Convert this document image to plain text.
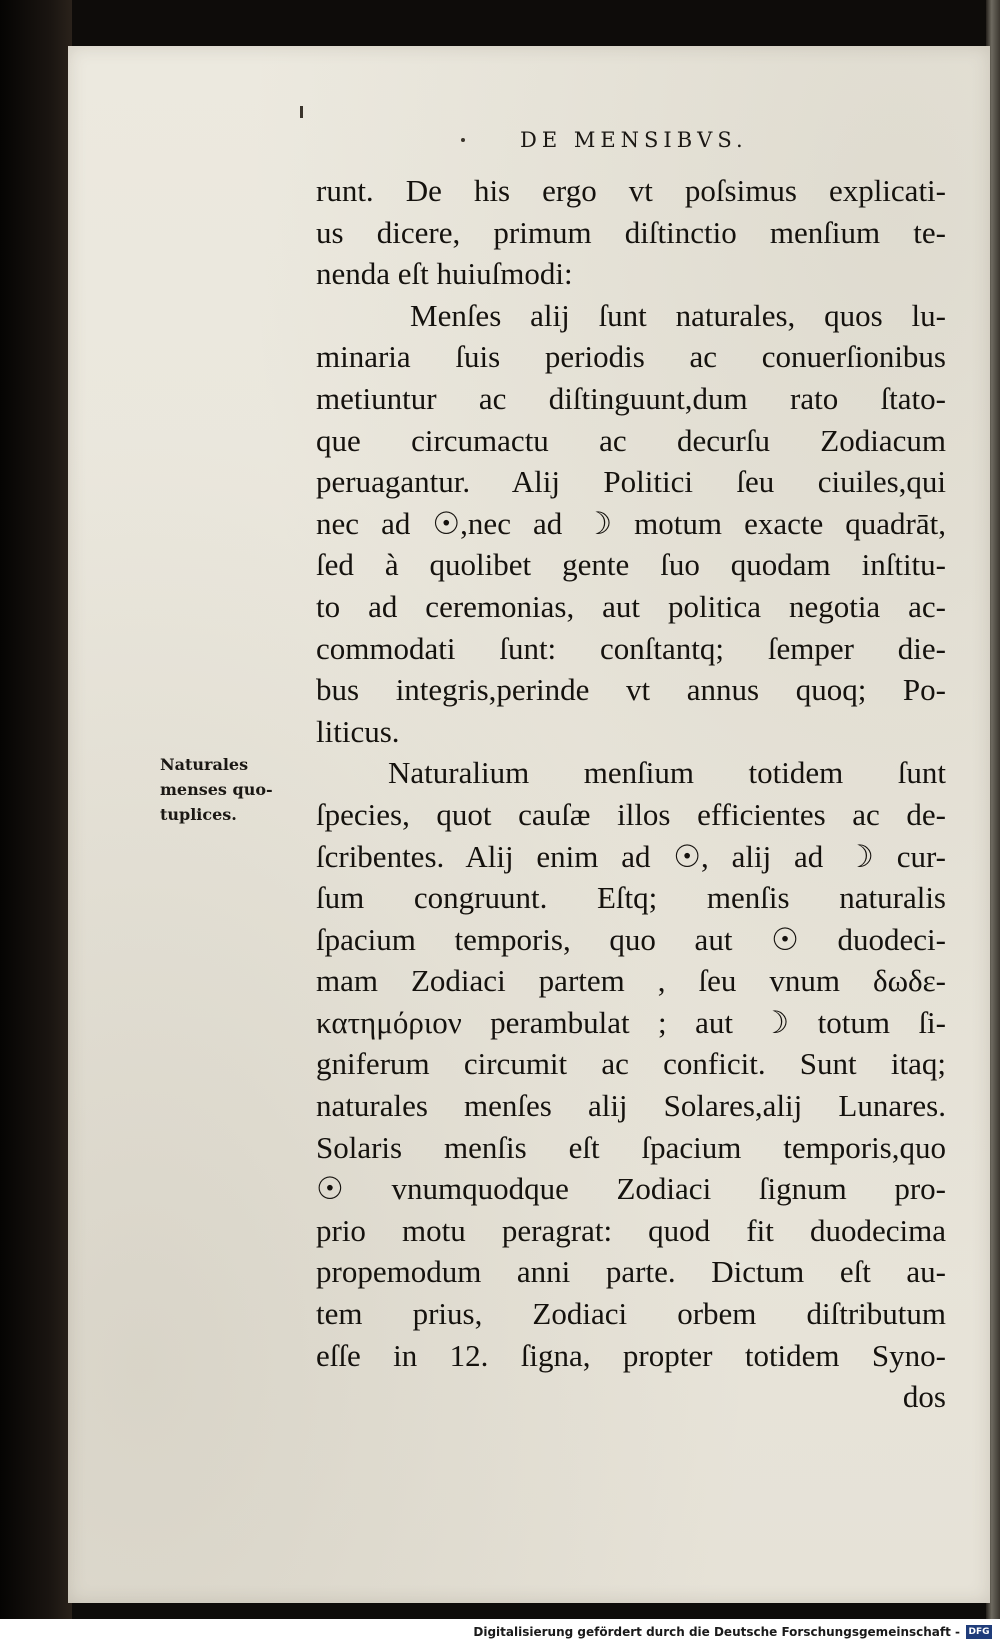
DE MENSIBVS.
Naturales
menses quo-
tuplices.
runt. De his ergo vt poſsimus explicati-
us dicere, primum diſtinctio menſium te-
nenda eſt huiuſmodi:
Menſes alij ſunt naturales, quos lu-
minaria ſuis periodis ac conuerſionibus
metiuntur ac diſtinguunt,dum rato ſtato-
que circumactu ac decurſu Zodiacum
peruagantur. Alij Politici ſeu ciuiles,qui
nec ad ☉,nec ad ☽ motum exacte quadrāt,
ſed à quolibet gente ſuo quodam inſtitu-
to ad ceremonias, aut politica negotia ac-
commodati ſunt: conſtantq; ſemper die-
bus integris,perinde vt annus quoq; Po-
liticus.
Naturalium menſium totidem ſunt
ſpecies, quot cauſæ illos efficientes ac de-
ſcribentes. Alij enim ad ☉, alij ad ☽ cur-
ſum congruunt. Eſtq; menſis naturalis
ſpacium temporis, quo aut ☉ duodeci-
mam Zodiaci partem , ſeu vnum δωδε-
κατημόριον perambulat ; aut ☽ totum ſi-
gniferum circumit ac conficit. Sunt itaq;
naturales menſes alij Solares,alij Lunares.
Solaris menſis eſt ſpacium temporis,quo
☉ vnumquodque Zodiaci ſignum pro-
prio motu peragrat: quod fit duodecima
propemodum anni parte. Dictum eſt au-
tem prius, Zodiaci orbem diſtributum
eſſe in 12. ſigna, propter totidem Syno-
dos
Digitalisierung gefördert durch die Deutsche Forschungsgemeinschaft - DFG
